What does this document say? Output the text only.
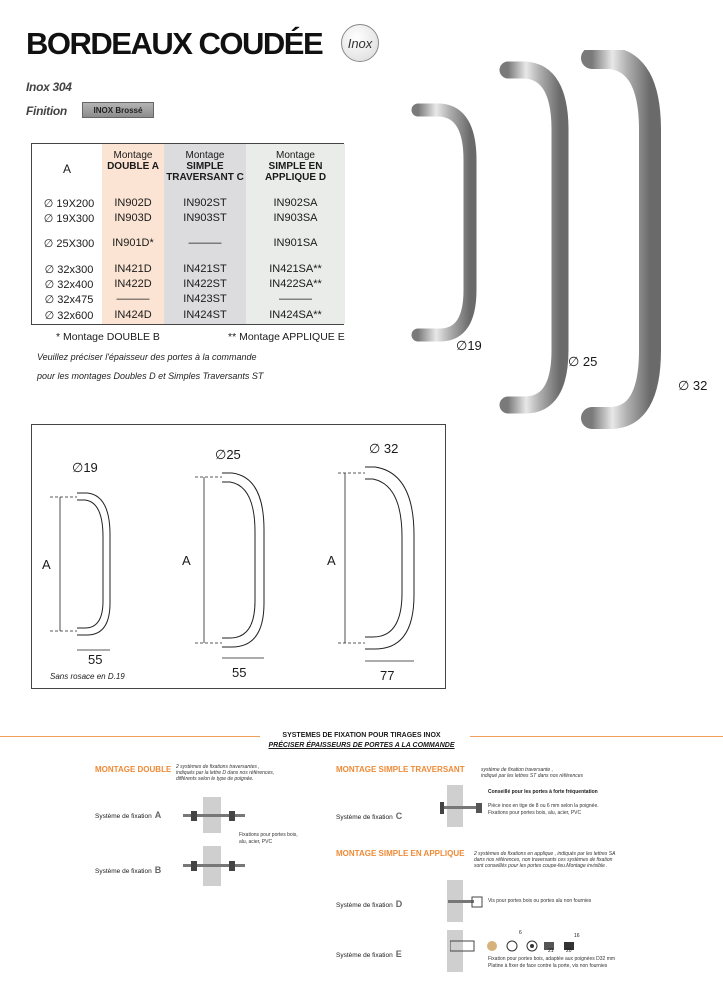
BORDEAUX COUDÉE	Inox
Inox 304
Finition	INOX Brossé
A
Montage
DOUBLE A
Montage
SIMPLE
TRAVERSANT C
Montage
SIMPLE EN
APPLIQUE D
∅ 19X200	IN902D	IN902ST	IN902SA
∅ 19X300	IN903D	IN903ST	IN903SA
∅ 25X300	IN901D*	———	IN901SA
∅ 32x300	IN421D	IN421ST	IN421SA**
∅ 32x400	IN422D	IN422ST	IN422SA**
∅ 32x475	———	IN423ST	———
∅ 32x600	IN424D	IN424ST	IN424SA**
* Montage DOUBLE B	** Montage APPLIQUE E
Veuillez préciser l'épaisseur des portes à la commande
pour les montages Doubles D et Simples Traversants ST
∅19
∅ 25
∅ 32
∅19
∅25	∅ 32
A	A	A
55
55	77
Sans rosace en D.19
SYSTEMES DE FIXATION POUR TIRAGES INOX
PRÉCISER ÉPAISSEURS DE PORTES A LA COMMANDE
MONTAGE DOUBLE 2 systèmes de fixations traversantes ,
indiqués par la lettre D dans nos références,
différents selon le type de poignée.
Système de fixation A
Fixations pour portes bois,
alu, acier, PVC
Système de fixation B
MONTAGE SIMPLE TRAVERSANT	système de fixation traversante ,
indiqué par les lettres ST dans nos références
Conseillé pour les portes à forte fréquentation
Système de fixation C
Pièce inox en tige de 8 ou 6 mm selon la poignée.
Fixations pour portes bois, alu, acier, PVC
MONTAGE SIMPLE EN APPLIQUE 2 systèmes de fixations en applique , indiqués par les lettres SA
dans nos références, non traversants ces systèmes de fixation
sont conseillés pour les portes coupe-feu.Montage invisible .
Système de fixation D	Vis pour portes bois ou portes alu non fournies
Système de fixation E
6
21 20
16
Fixation pour portes bois, adaptée aux poignées D32 mm
Platine à fixer de face contre la porte, vis non fournies
